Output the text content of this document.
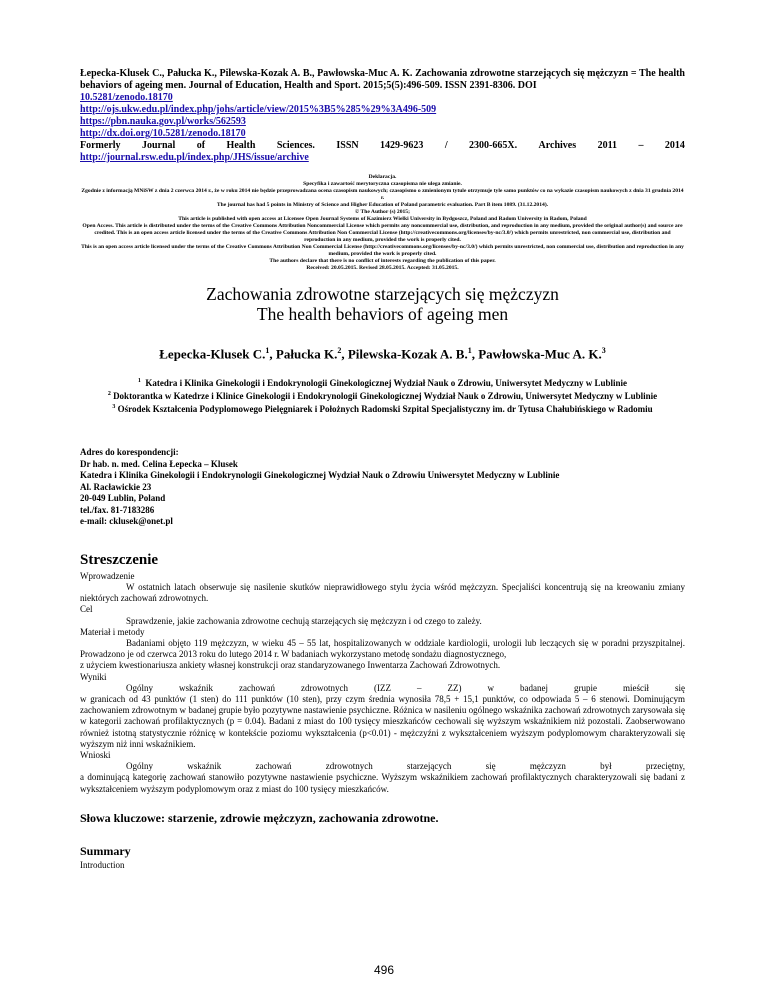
Łepecka-Klusek C., Pałucka K., Pilewska-Kozak A. B., Pawłowska-Muc A. K. Zachowania zdrowotne starzejących się mężczyzn = The health behaviors of ageing men. Journal of Education, Health and Sport. 2015;5(5):496-509. ISSN 2391-8306. DOI
10.5281/zenodo.18170
http://ojs.ukw.edu.pl/index.php/johs/article/view/2015%3B5%285%29%3A496-509
https://pbn.nauka.gov.pl/works/562593
http://dx.doi.org/10.5281/zenodo.18170
Formerly Journal of Health Sciences. ISSN 1429-9623 / 2300-665X. Archives 2011 – 2014
http://journal.rsw.edu.pl/index.php/JHS/issue/archive
Deklaracja.
Specyfika i zawartość merytoryczna czasopisma nie ulega zmianie.
Zgodnie z informacją MNiSW z dnia 2 czerwca 2014 r., że w roku 2014 nie będzie przeprowadzana ocena czasopism naukowych; czasopismo o zmienionym tytule otrzymuje tyle samo punktów co na wykazie czasopism naukowych z dnia 31 grudnia 2014 r.
The journal has had 5 points in Ministry of Science and Higher Education of Poland parametric evaluation. Part B item 1089. (31.12.2014).
© The Author (s) 2015;
This article is published with open access at Licensee Open Journal Systems of Kazimierz Wielki University in Bydgoszcz, Poland and Radom University in Radom, Poland
Open Access. This article is distributed under the terms of the Creative Commons Attribution Noncommercial License which permits any noncommercial use, distribution, and reproduction in any medium, provided the original author(s) and source are credited. This is an open access article licensed under the terms of the Creative Commons Attribution Non Commercial License (http://creativecommons.org/licenses/by-nc/3.0/) which permits unrestricted, non commercial use, distribution and reproduction in any medium, provided the work is properly cited.
This is an open access article licensed under the terms of the Creative Commons Attribution Non Commercial License (http://creativecommons.org/licenses/by-nc/3.0/) which permits unrestricted, non commercial use, distribution and reproduction in any medium, provided the work is properly cited.
The authors declare that there is no conflict of interests regarding the publication of this paper.
Received: 20.05.2015. Revised 28.05.2015. Accepted: 31.05.2015.
Zachowania zdrowotne starzejących się mężczyzn
The health behaviors of ageing men
Łepecka-Klusek C.$^1$, Pałucka K.$^2$, Pilewska-Kozak A. B.$^1$, Pawłowska-Muc A. K.$^3$
$^1$ Katedra i Klinika Ginekologii i Endokrynologii Ginekologicznej Wydział Nauk o Zdrowiu, Uniwersytet Medyczny w Lublinie
$^2$ Doktorantka w Katedrze i Klinice Ginekologii i Endokrynologii Ginekologicznej Wydział Nauk o Zdrowiu, Uniwersytet Medyczny w Lublinie
$^3$ Ośrodek Kształcenia Podyplomowego Pielęgniarek i Położnych Radomski Szpital Specjalistyczny im. dr Tytusa Chałubińskiego w Radomiu
Adres do korespondencji:
Dr hab. n. med. Celina Łepecka – Klusek
Katedra i Klinika Ginekologii i Endokrynologii Ginekologicznej Wydział Nauk o Zdrowiu Uniwersytet Medyczny w Lublinie
Al. Racławickie 23
20-049 Lublin, Poland
tel./fax. 81-7183286
e-mail: cklusek@onet.pl
Streszczenie
Wprowadzenie
W ostatnich latach obserwuje się nasilenie skutków nieprawidłowego stylu życia wśród mężczyzn. Specjaliści koncentrują się na kreowaniu zmiany niektórych zachowań zdrowotnych.
Cel
Sprawdzenie, jakie zachowania zdrowotne cechują starzejących się mężczyzn i od czego to zależy.
Materiał i metody
Badaniami objęto 119 mężczyzn, w wieku 45 – 55 lat, hospitalizowanych w oddziale kardiologii, urologii lub leczących się w poradni przyszpitalnej. Prowadzono je od czerwca 2013 roku do lutego 2014 r. W badaniach wykorzystano metodę sondażu diagnostycznego,
z użyciem kwestionariusza ankiety własnej konstrukcji oraz standaryzowanego Inwentarza Zachowań Zdrowotnych.
Wyniki
Ogólny wskaźnik zachowań zdrowotnych (IZZ – ZZ) w badanej grupie mieścił się
w granicach od 43 punktów (1 sten) do 111 punktów (10 sten), przy czym średnia wynosiła 78,5 + 15,1 punktów, co odpowiada 5 – 6 stenowi. Dominującym zachowaniem zdrowotnym w badanej grupie było pozytywne nastawienie psychiczne. Różnica w nasileniu ogólnego wskaźnika zachowań zdrowotnych zarysowała się w kategorii zachowań profilaktycznych (p = 0.04). Badani z miast do 100 tysięcy mieszkańców cechowali się wyższym wskaźnikiem niż pozostali. Zaobserwowano również istotną statystycznie różnicę w kontekście poziomu wykształcenia (p<0.01) - mężczyźni z wykształceniem wyższym podyplomowym charakteryzowali się wyższym niż inni wskaźnikiem.
Wnioski
Ogólny wskaźnik zachowań zdrowotnych starzejących się mężczyzn był przeciętny,
a dominującą kategorię zachowań stanowiło pozytywne nastawienie psychiczne. Wyższym wskaźnikiem zachowań profilaktycznych charakteryzowali się badani z wykształceniem wyższym podyplomowym oraz z miast do 100 tysięcy mieszkańców.
Słowa kluczowe: starzenie, zdrowie mężczyzn, zachowania zdrowotne.
Summary
Introduction
496
